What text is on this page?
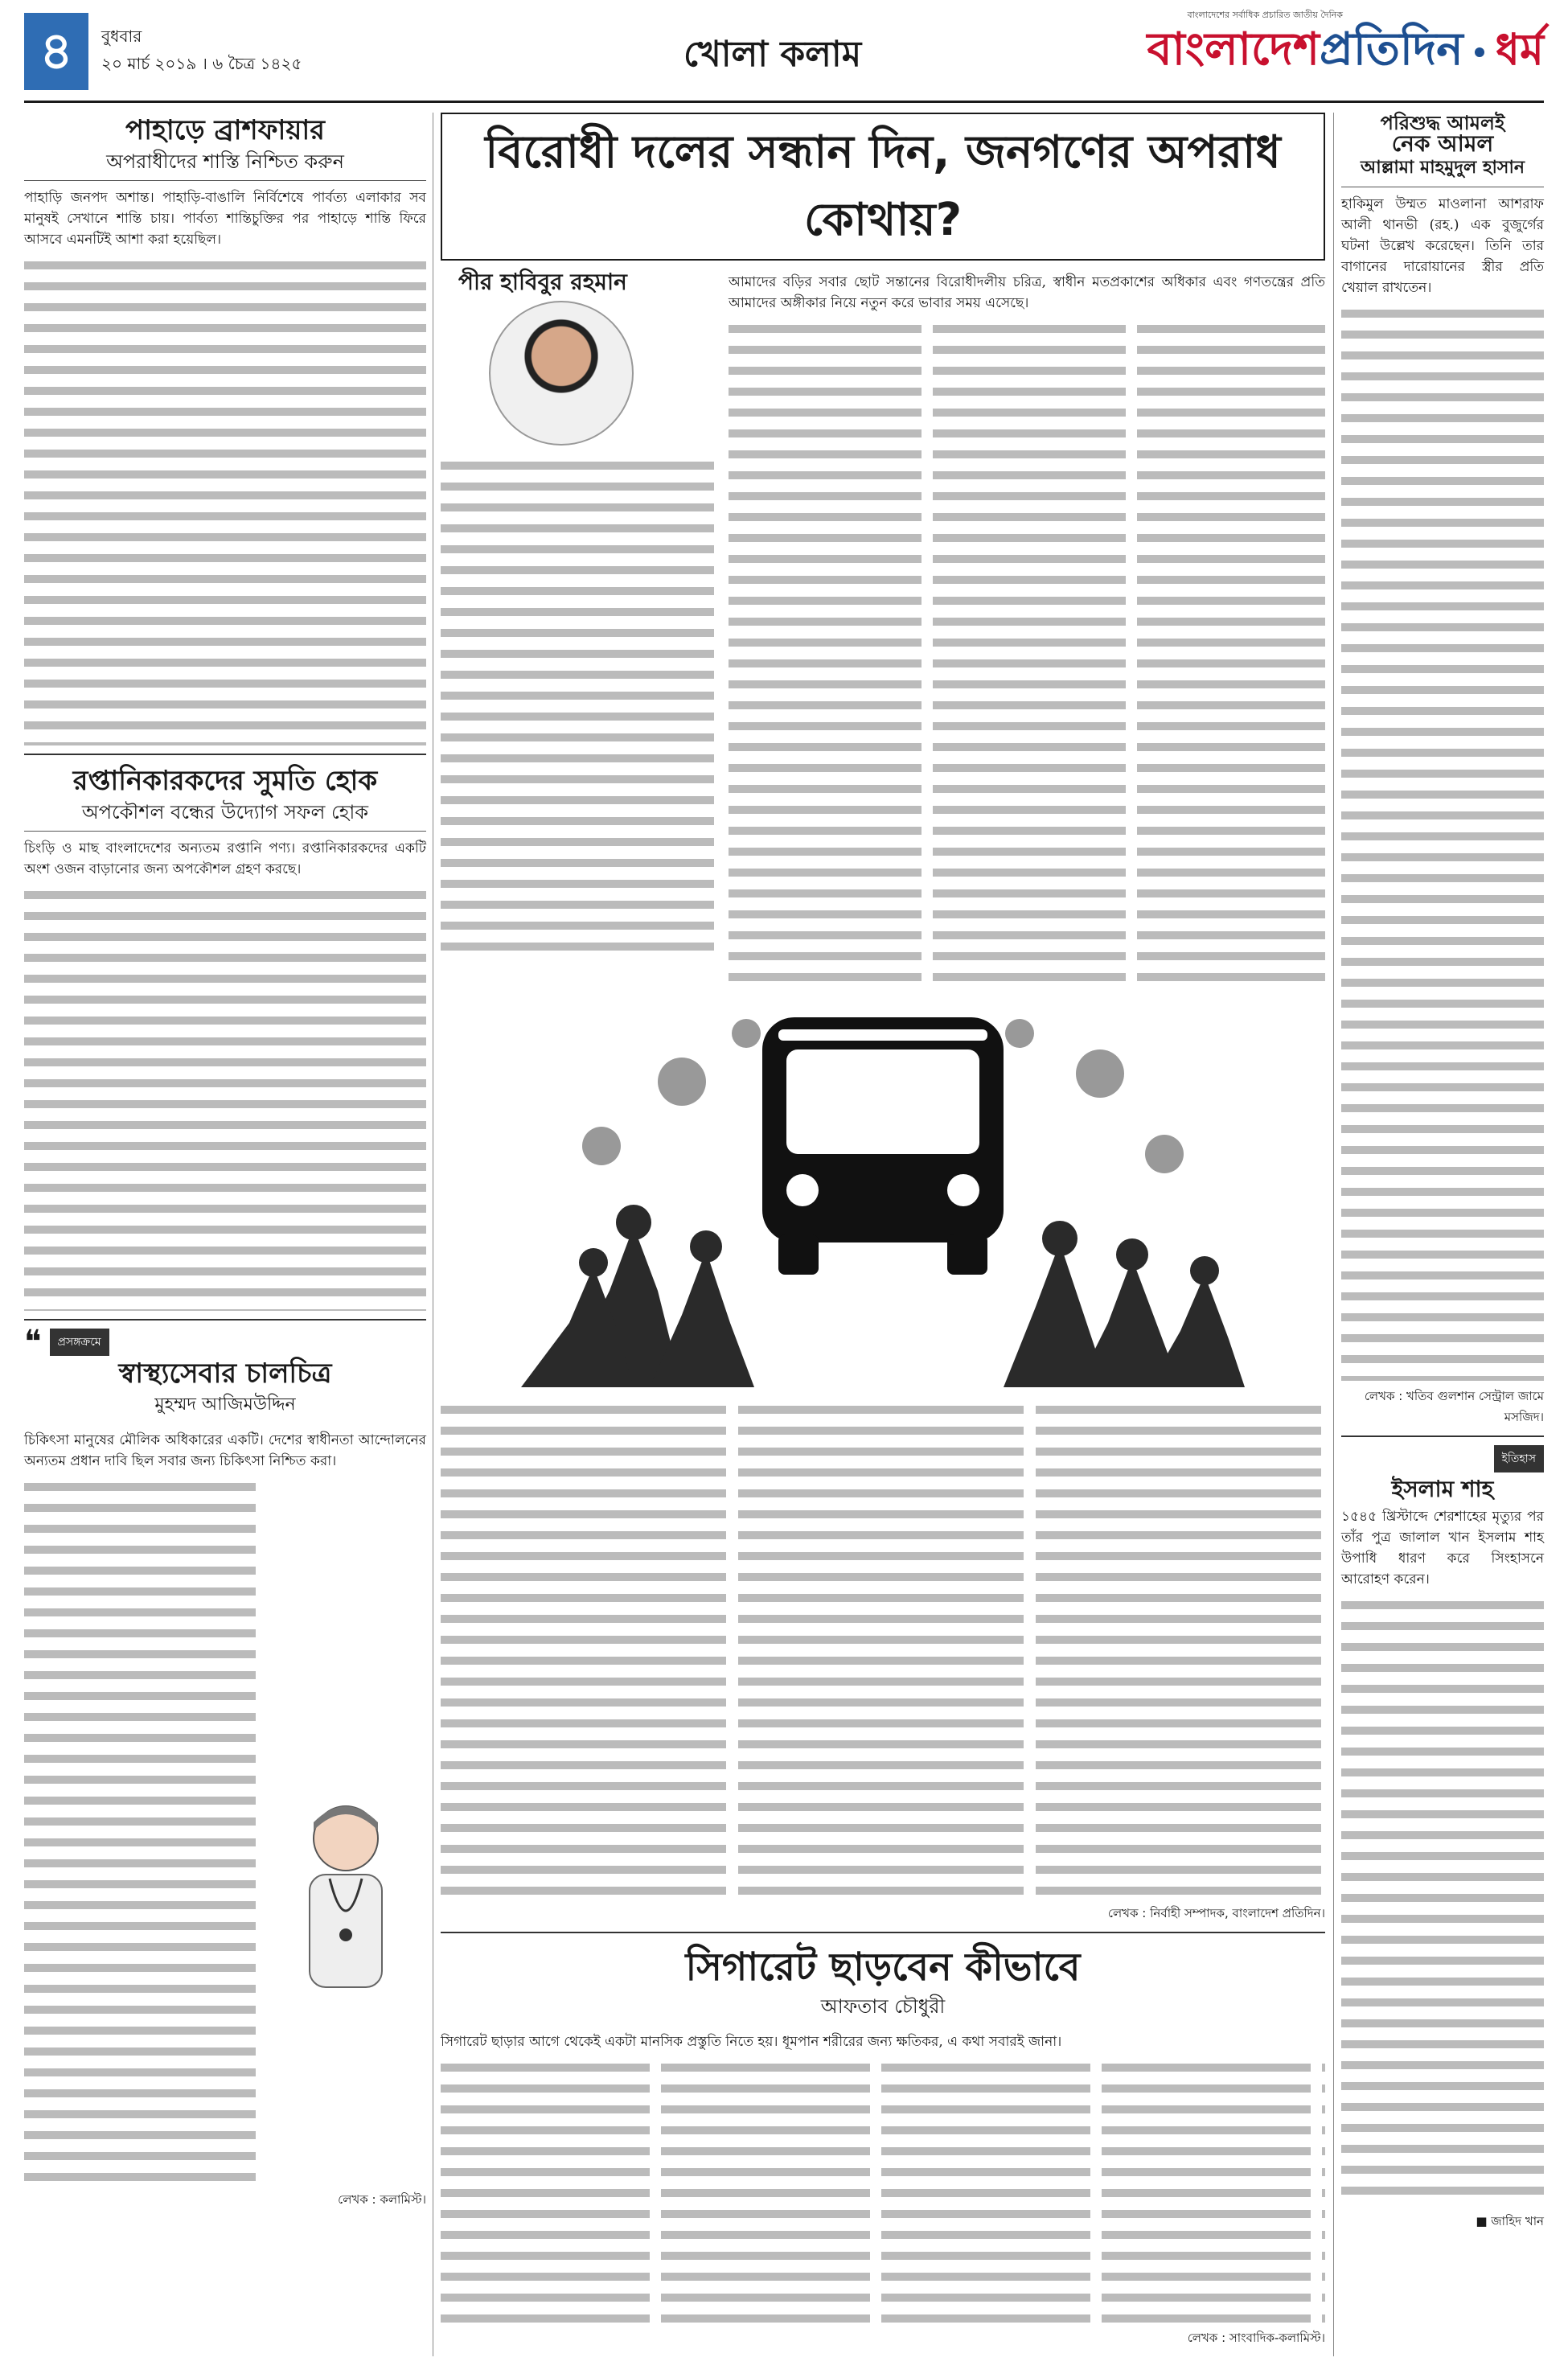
৪	বুধবার
২০ মার্চ ২০১৯ । ৬ চৈত্র ১৪২৫	খোলা কলাম
বাংলাদেশের সর্বাধিক প্রচারিত জাতীয় দৈনিক
বাংলাদেশপ্রতিদিন ধর্ম
পাহাড়ে ব্রাশফায়ার
অপরাধীদের শাস্তি নিশ্চিত করুন

পাহাড়ি জনপদ অশান্ত। পাহাড়ি-বাঙালি নির্বিশেষে পার্বত্য এলাকার সব মানুষই সেখানে শান্তি চায়। পার্বত্য শান্তিচুক্তির পর পাহাড়ে শান্তি ফিরে আসবে এমনটিই আশা করা হয়েছিল।

রপ্তানিকারকদের সুমতি হোক
অপকৌশল বন্ধের উদ্যোগ সফল হোক

চিংড়ি ও মাছ বাংলাদেশের অন্যতম রপ্তানি পণ্য। রপ্তানিকারকদের একটি অংশ ওজন বাড়ানোর জন্য অপকৌশল গ্রহণ করছে।

❝	প্রসঙ্গক্রমে
স্বাস্থ্যসেবার চালচিত্র
মুহম্মদ আজিমউদ্দিন

চিকিৎসা মানুষের মৌলিক অধিকারের একটি। দেশের স্বাধীনতা আন্দোলনের অন্যতম প্রধান দাবি ছিল সবার জন্য চিকিৎসা নিশ্চিত করা।

লেখক : কলামিস্ট।
বিরোধী দলের সন্ধান দিন, জনগণের অপরাধ কোথায়?
পীর হাবিবুর রহমান	আমাদের বড়ির সবার ছোট সন্তানের বিরোধীদলীয় চরিত্র, স্বাধীন মতপ্রকাশের অধিকার এবং গণতন্ত্রের প্রতি আমাদের অঙ্গীকার নিয়ে নতুন করে ভাবার সময় এসেছে।

লেখক : নির্বাহী সম্পাদক, বাংলাদেশ প্রতিদিন।
সিগারেট ছাড়বেন কীভাবে
আফতাব চৌধুরী

সিগারেট ছাড়ার আগে থেকেই একটা মানসিক প্রস্তুতি নিতে হয়। ধূমপান শরীরের জন্য ক্ষতিকর, এ কথা সবারই জানা।

লেখক : সাংবাদিক-কলামিস্ট।
পরিশুদ্ধ আমলই
নেক আমল
আল্লামা মাহমুদুল হাসান

হাকিমুল উম্মত মাওলানা আশরাফ আলী থানভী (রহ.) এক বুজুর্গের ঘটনা উল্লেখ করেছেন। তিনি তার বাগানের দারোয়ানের স্ত্রীর প্রতি খেয়াল রাখতেন।

লেখক : খতিব গুলশান সেন্ট্রাল জামে মসজিদ।
ইতিহাস
ইসলাম শাহ

১৫৪৫ খ্রিস্টাব্দে শেরশাহের মৃত্যুর পর তাঁর পুত্র জালাল খান ইসলাম শাহ উপাধি ধারণ করে সিংহাসনে আরোহণ করেন।

■ জাহিদ খান
